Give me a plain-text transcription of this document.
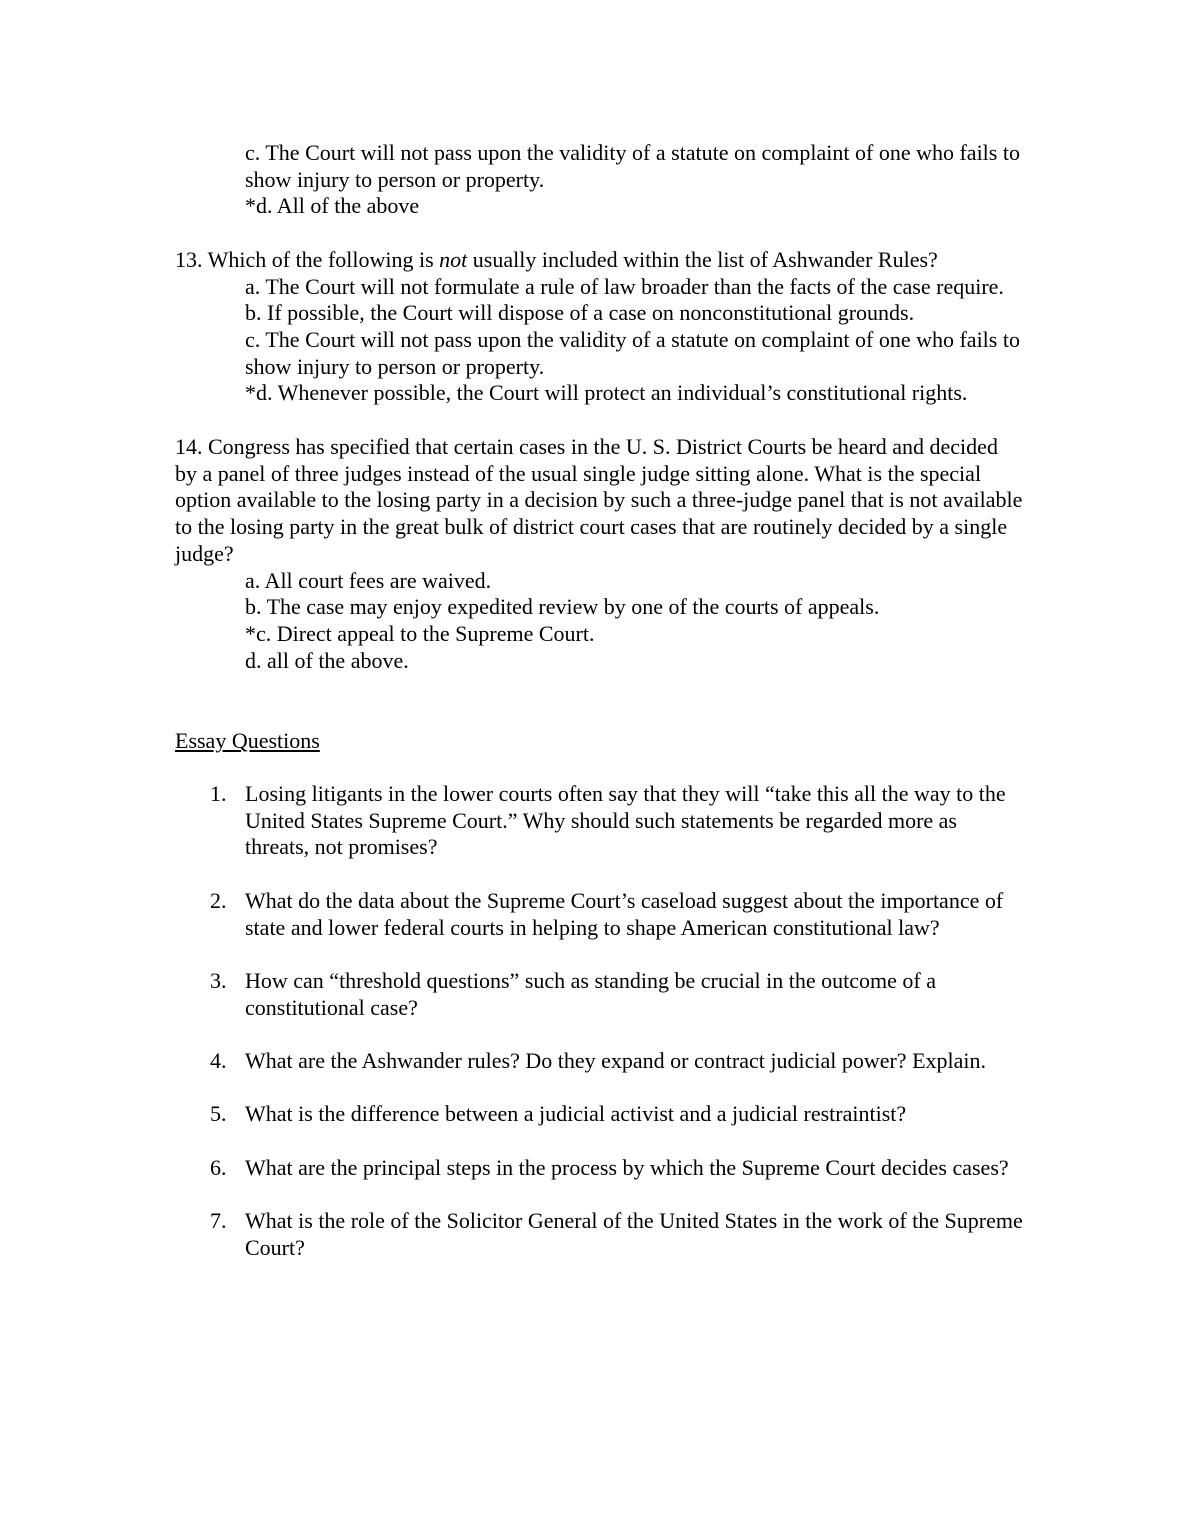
c. The Court will not pass upon the validity of a statute on complaint of one who fails to show injury to person or property.

*d. All of the above

13. Which of the following is not usually included within the list of Ashwander Rules?

a. The Court will not formulate a rule of law broader than the facts of the case require.

b. If possible, the Court will dispose of a case on nonconstitutional grounds.

c. The Court will not pass upon the validity of a statute on complaint of one who fails to show injury to person or property.

*d. Whenever possible, the Court will protect an individual’s constitutional rights.

14. Congress has specified that certain cases in the U. S. District Courts be heard and decided by a panel of three judges instead of the usual single judge sitting alone. What is the special option available to the losing party in a decision by such a three-judge panel that is not available to the losing party in the great bulk of district court cases that are routinely decided by a single judge?

a. All court fees are waived.

b. The case may enjoy expedited review by one of the courts of appeals.

*c. Direct appeal to the Supreme Court.

d. all of the above.

Essay Questions

1. Losing litigants in the lower courts often say that they will “take this all the way to the United States Supreme Court.” Why should such statements be regarded more as threats, not promises?
2. What do the data about the Supreme Court’s caseload suggest about the importance of state and lower federal courts in helping to shape American constitutional law?
3. How can “threshold questions” such as standing be crucial in the outcome of a constitutional case?
4. What are the Ashwander rules? Do they expand or contract judicial power? Explain.
5. What is the difference between a judicial activist and a judicial restraintist?
6. What are the principal steps in the process by which the Supreme Court decides cases?
7. What is the role of the Solicitor General of the United States in the work of the Supreme Court?
